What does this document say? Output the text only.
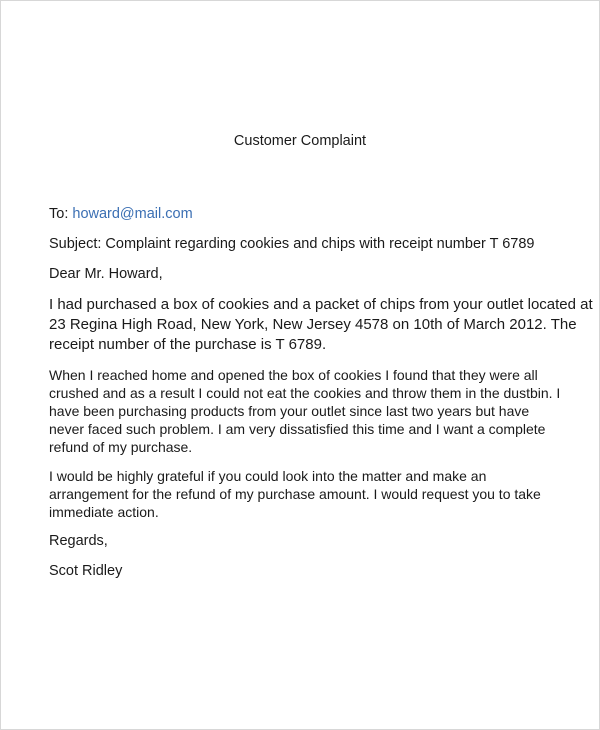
Customer Complaint
To: howard@mail.com
Subject: Complaint regarding cookies and chips with receipt number T 6789
Dear Mr. Howard,
I had purchased a box of cookies and a packet of chips from your outlet located at
23 Regina High Road, New York, New Jersey 4578 on 10th of March 2012. The
receipt number of the purchase is T 6789.
When I reached home and opened the box of cookies I found that they were all
crushed and as a result I could not eat the cookies and throw them in the dustbin. I
have been purchasing products from your outlet since last two years but have
never faced such problem. I am very dissatisfied this time and I want a complete
refund of my purchase.
I would be highly grateful if you could look into the matter and make an
arrangement for the refund of my purchase amount. I would request you to take
immediate action.
Regards,
Scot Ridley
